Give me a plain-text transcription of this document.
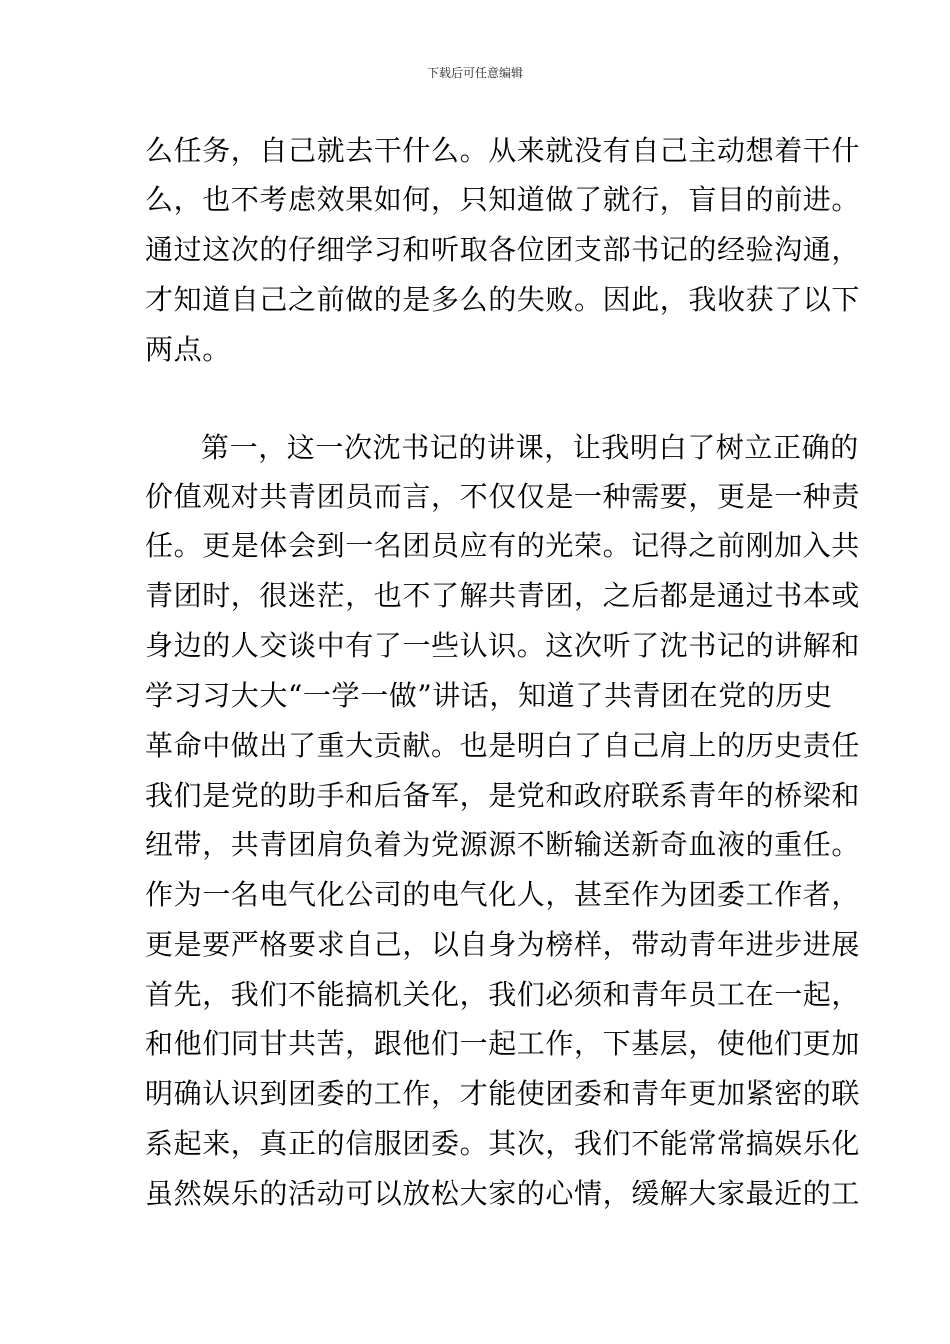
下载后可任意编辑
么任务，自己就去干什么。从来就没有自己主动想着干什
么，也不考虑效果如何，只知道做了就行，盲目的前进。
通过这次的仔细学习和听取各位团支部书记的经验沟通，
才知道自己之前做的是多么的失败。因此，我收获了以下
两点。
第一，这一次沈书记的讲课，让我明白了树立正确的
价值观对共青团员而言，不仅仅是一种需要，更是一种责
任。更是体会到一名团员应有的光荣。记得之前刚加入共
青团时，很迷茫，也不了解共青团，之后都是通过书本或
身边的人交谈中有了一些认识。这次听了沈书记的讲解和
学习习大大“一学一做”讲话，知道了共青团在党的历史
革命中做出了重大贡献。也是明白了自己肩上的历史责任
我们是党的助手和后备军，是党和政府联系青年的桥梁和
纽带，共青团肩负着为党源源不断输送新奇血液的重任。
作为一名电气化公司的电气化人，甚至作为团委工作者，
更是要严格要求自己，以自身为榜样，带动青年进步进展
首先，我们不能搞机关化，我们必须和青年员工在一起，
和他们同甘共苦，跟他们一起工作，下基层，使他们更加
明确认识到团委的工作，才能使团委和青年更加紧密的联
系起来，真正的信服团委。其次，我们不能常常搞娱乐化
虽然娱乐的活动可以放松大家的心情，缓解大家最近的工
